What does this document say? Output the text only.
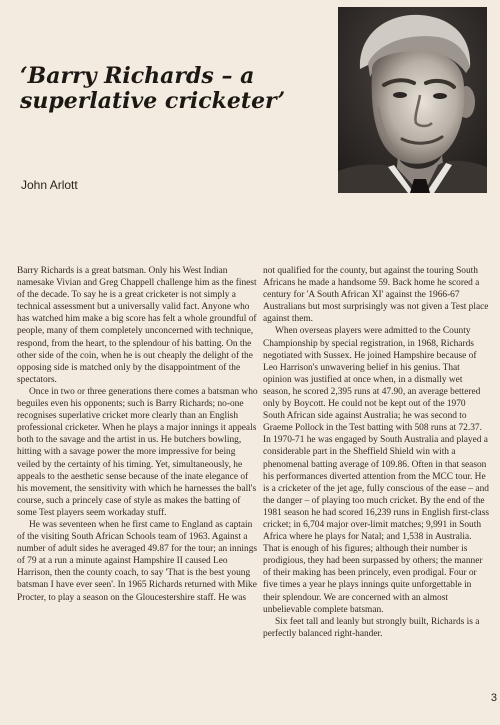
‘Barry Richards – a superlative cricketer’
John Arlott

Barry Richards is a great batsman. Only his West Indian namesake Vivian and Greg Chappell challenge him as the finest of the decade. To say he is a great cricketer is not simply a technical assessment but a universally valid fact. Anyone who has watched him make a big score has felt a whole groundful of people, many of them completely unconcerned with technique, respond, from the heart, to the splendour of his batting. On the other side of the coin, when he is out cheaply the delight of the opposing side is matched only by the disappointment of the spectators.

Once in two or three generations there comes a batsman who beguiles even his opponents; such is Barry Richards; no-one recognises superlative cricket more clearly than an English professional cricketer. When he plays a major innings it appeals both to the savage and the artist in us. He butchers bowling, hitting with a savage power the more impressive for being veiled by the certainty of his timing. Yet, simultaneously, he appeals to the aesthetic sense because of the inate elegance of his movement, the sensitivity with which he harnesses the ball's course, such a princely case of style as makes the batting of some Test players seem workaday stuff.

He was seventeen when he first came to England as captain of the visiting South African Schools team of 1963. Against a number of adult sides he averaged 49.87 for the tour; an innings of 79 at a run a minute against Hampshire II caused Leo Harrison, then the county coach, to say 'That is the best young batsman I have ever seen'. In 1965 Richards returned with Mike Procter, to play a season on the Gloucestershire staff. He was

not qualified for the county, but against the touring South Africans he made a handsome 59. Back home he scored a century for 'A South African XI' against the 1966-67 Australians but most surprisingly was not given a Test place against them.

When overseas players were admitted to the County Championship by special registration, in 1968, Richards negotiated with Sussex. He joined Hampshire because of Leo Harrison's unwavering belief in his genius. That opinion was justified at once when, in a dismally wet season, he scored 2,395 runs at 47.90, an average bettered only by Boycott. He could not be kept out of the 1970 South African side against Australia; he was second to Graeme Pollock in the Test batting with 508 runs at 72.37. In 1970-71 he was engaged by South Australia and played a considerable part in the Sheffield Shield win with a phenomenal batting average of 109.86. Often in that season his performances diverted attention from the MCC tour. He is a cricketer of the jet age, fully conscious of the ease – and the danger – of playing too much cricket. By the end of the 1981 season he had scored 16,239 runs in English first-class cricket; in 6,704 major over-limit matches; 9,991 in South Africa where he plays for Natal; and 1,538 in Australia. That is enough of his figures; although their number is prodigious, they had been surpassed by others; the manner of their making has been princely, even prodigal. Four or five times a year he plays innings quite unforgettable in their splendour. We are concerned with an almost unbelievable complete batsman.

Six feet tall and leanly but strongly built, Richards is a perfectly balanced right-hander.

3
